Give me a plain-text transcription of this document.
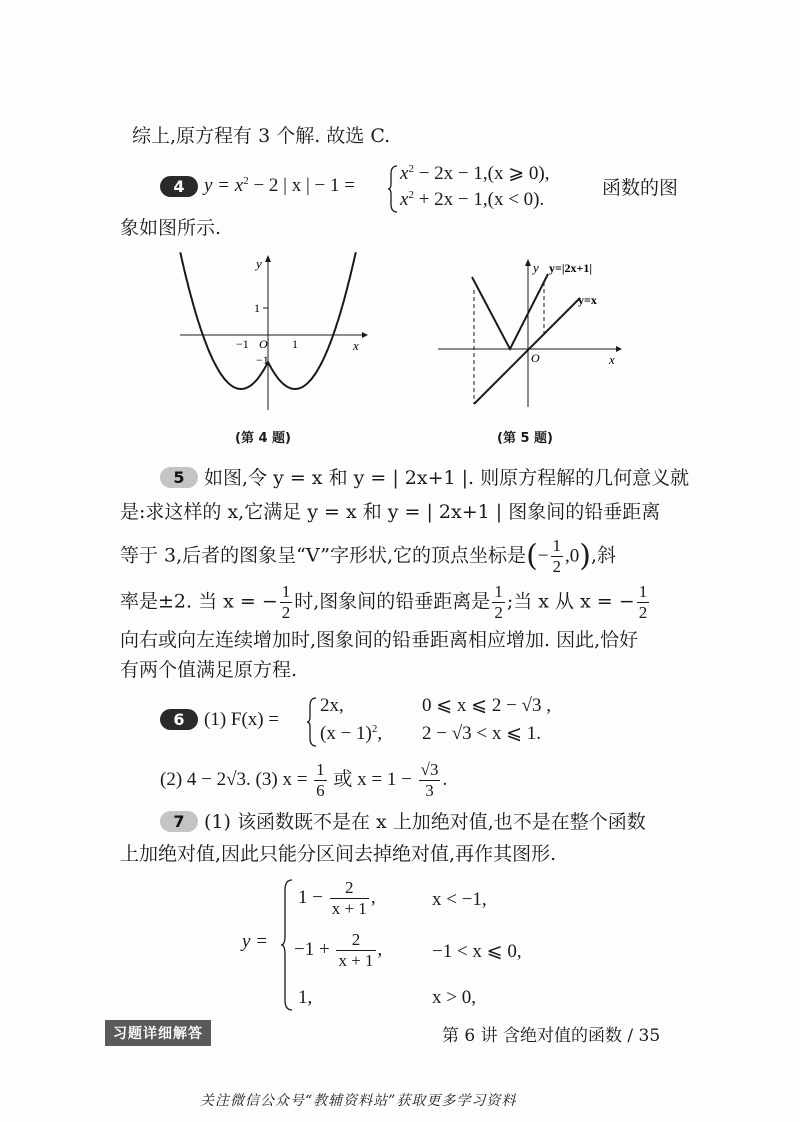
综上,原方程有 3 个解. 故选 C.
4	$y = x^2 - 2$ | x | − 1 =
$x^2 - 2x - 1,(x$ ⩾ 0),
$x^2 + 2x - 1,(x < 0)$.
函数的图
象如图所示.
y
x
1
−1 O 1
−1
(第 4 题)
y y=|2x+1|
y=x
O	x
(第 5 题)
5	如图,令 y = x 和 y = | 2x+1 |. 则原方程解的几何意义就
是:求这样的 x,它满足 y = x 和 y = | 2x+1 | 图象间的铅垂距离
等于 3,后者的图象呈“V”字形状,它的顶点坐标是(− $\frac{1}{2} ,0$),斜
率是±2. 当 x = − $\frac{1}{2}$ 时,图象间的铅垂距离是 $\frac{1}{2}$ ;当 x 从 x = − $\frac{1}{2}$
向右或向左连续增加时,图象间的铅垂距离相应增加. 因此,恰好
有两个值满足原方程.
6	(1) F(x) =
2x,	0 ⩽ x ⩽ 2 − √3 ,
$(x - 1)^2$, 2 − √3 < x ⩽ 1.
(2) 4 − 2√3. (3) $x = \frac{1}{6}$ 或 $x = 1 - \frac{√3}{3}$ .
7	(1) 该函数既不是在 x 上加绝对值,也不是在整个函数
上加绝对值,因此只能分区间去掉绝对值,再作其图形.
y =
$1 - \frac{2}{x + 1}$ ,	x < −1,
$-1 + \frac{2}{x + 1}$ ,	−1 < x ⩽ 0,
1,	x > 0,
习题详细解答	第 6 讲 含绝对值的函数 / 35
关注微信公众号“教辅资料站”获取更多学习资料
